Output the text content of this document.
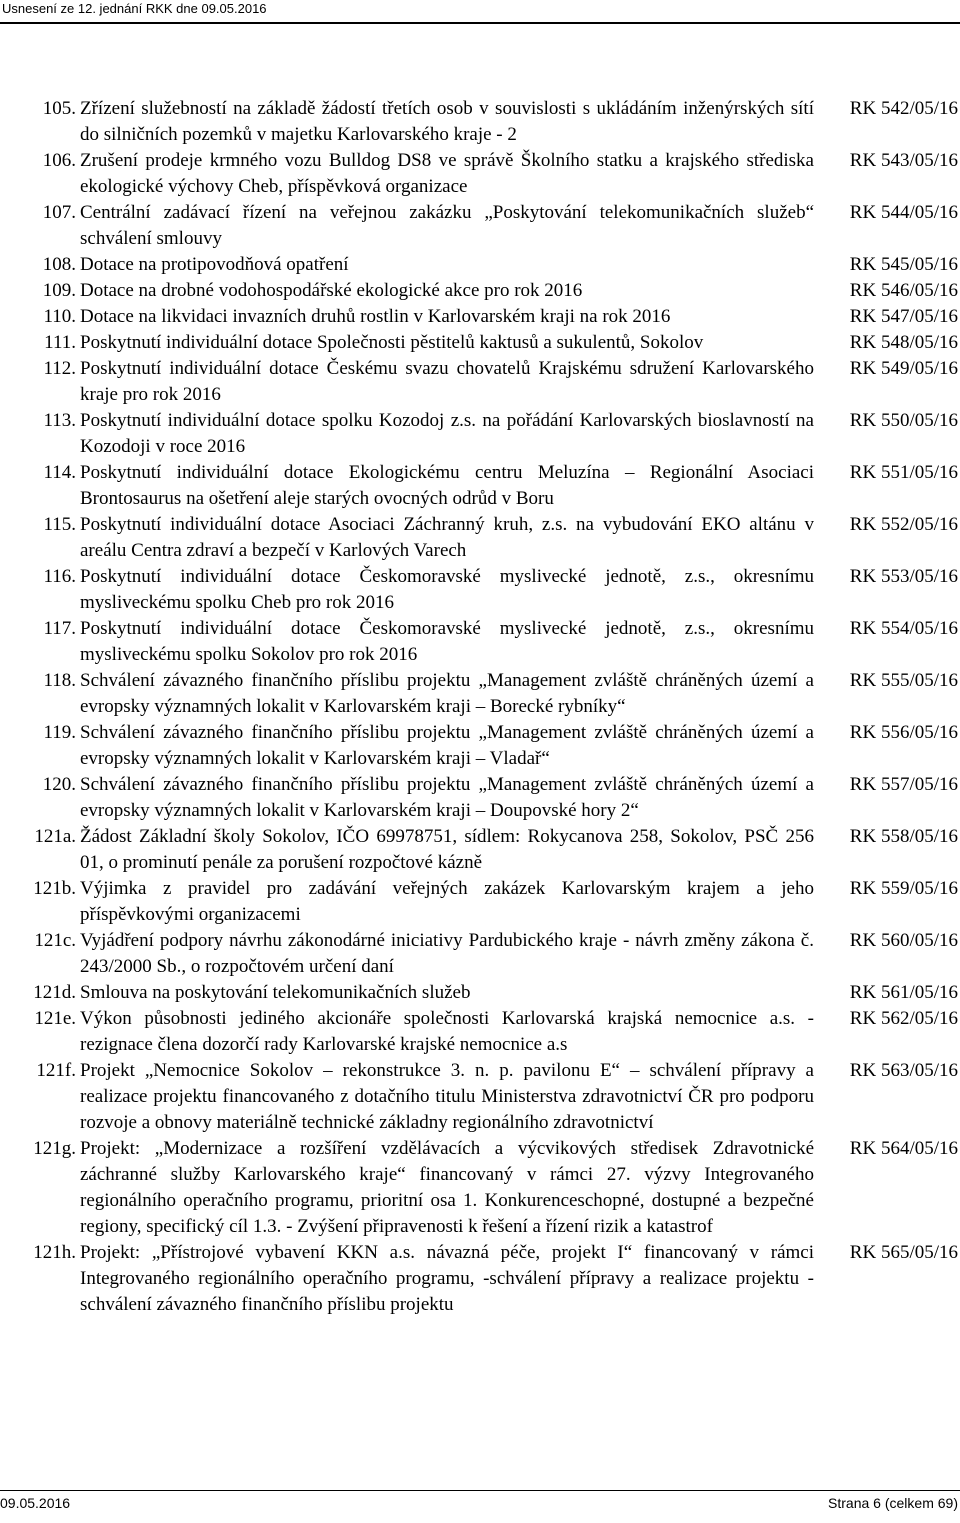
Usnesení ze 12. jednání RKK dne 09.05.2016
105. Zřízení služebností na základě žádostí třetích osob v souvislosti s ukládáním inženýrských sítí do silničních pozemků v majetku Karlovarského kraje - 2
RK 542/05/16
106. Zrušení prodeje krmného vozu Bulldog DS8 ve správě Školního statku a krajského střediska ekologické výchovy Cheb, příspěvková organizace
RK 543/05/16
107. Centrální zadávací řízení na veřejnou zakázku „Poskytování telekomunikačních služeb“ schválení smlouvy
RK 544/05/16
108. Dotace na protipovodňová opatření	RK 545/05/16
109. Dotace na drobné vodohospodářské ekologické akce pro rok 2016	RK 546/05/16
110. Dotace na likvidaci invazních druhů rostlin v Karlovarském kraji na rok 2016	RK 547/05/16
111. Poskytnutí individuální dotace Společnosti pěstitelů kaktusů a sukulentů, Sokolov	RK 548/05/16
112. Poskytnutí individuální dotace Českému svazu chovatelů Krajskému sdružení Karlovarského kraje pro rok 2016
RK 549/05/16
113. Poskytnutí individuální dotace spolku Kozodoj z.s. na pořádání Karlovarských bioslavností na Kozodoji v roce 2016
RK 550/05/16
114. Poskytnutí individuální dotace Ekologickému centru Meluzína – Regionální Asociaci Brontosaurus na ošetření aleje starých ovocných odrůd v Boru
RK 551/05/16
115. Poskytnutí individuální dotace Asociaci Záchranný kruh, z.s. na vybudování EKO altánu v areálu Centra zdraví a bezpečí v Karlových Varech
RK 552/05/16
116. Poskytnutí individuální dotace Českomoravské myslivecké jednotě, z.s., okresnímu mysliveckému spolku Cheb pro rok 2016
RK 553/05/16
117. Poskytnutí individuální dotace Českomoravské myslivecké jednotě, z.s., okresnímu mysliveckému spolku Sokolov pro rok 2016
RK 554/05/16
118. Schválení závazného finančního příslibu projektu „Management zvláště chráněných území a evropsky významných lokalit v Karlovarském kraji – Borecké rybníky“
RK 555/05/16
119. Schválení závazného finančního příslibu projektu „Management zvláště chráněných území a evropsky významných lokalit v Karlovarském kraji – Vladař“
RK 556/05/16
120. Schválení závazného finančního příslibu projektu „Management zvláště chráněných území a evropsky významných lokalit v Karlovarském kraji – Doupovské hory 2“
RK 557/05/16
121a. Žádost Základní školy Sokolov, IČO 69978751, sídlem: Rokycanova 258, Sokolov, PSČ 256 01, o prominutí penále za porušení rozpočtové kázně
RK 558/05/16
121b. Výjimka z pravidel pro zadávání veřejných zakázek Karlovarským krajem a jeho příspěvkovými organizacemi
RK 559/05/16
121c. Vyjádření podpory návrhu zákonodárné iniciativy Pardubického kraje - návrh změny zákona č. 243/2000 Sb., o rozpočtovém určení daní
RK 560/05/16
121d. Smlouva na poskytování telekomunikačních služeb	RK 561/05/16
121e. Výkon působnosti jediného akcionáře společnosti Karlovarská krajská nemocnice a.s. - rezignace člena dozorčí rady Karlovarské krajské nemocnice a.s
RK 562/05/16
121f. Projekt „Nemocnice Sokolov – rekonstrukce 3. n. p. pavilonu E“ – schválení přípravy a realizace projektu financovaného z dotačního titulu Ministerstva zdravotnictví ČR pro podporu rozvoje a obnovy materiálně technické základny regionálního zdravotnictví
RK 563/05/16
121g. Projekt: „Modernizace a rozšíření vzdělávacích a výcvikových středisek Zdravotnické záchranné služby Karlovarského kraje“ financovaný v rámci 27. výzvy Integrovaného regionálního operačního programu, prioritní osa 1. Konkurenceschopné, dostupné a bezpečné regiony, specifický cíl 1.3. - Zvýšení připravenosti k řešení a řízení rizik a katastrof
RK 564/05/16
121h. Projekt: „Přístrojové vybavení KKN a.s. návazná péče, projekt I“ financovaný v rámci Integrovaného regionálního operačního programu, -schválení přípravy a realizace projektu -schválení závazného finančního příslibu projektu
RK 565/05/16
09.05.2016	Strana 6 (celkem 69)
